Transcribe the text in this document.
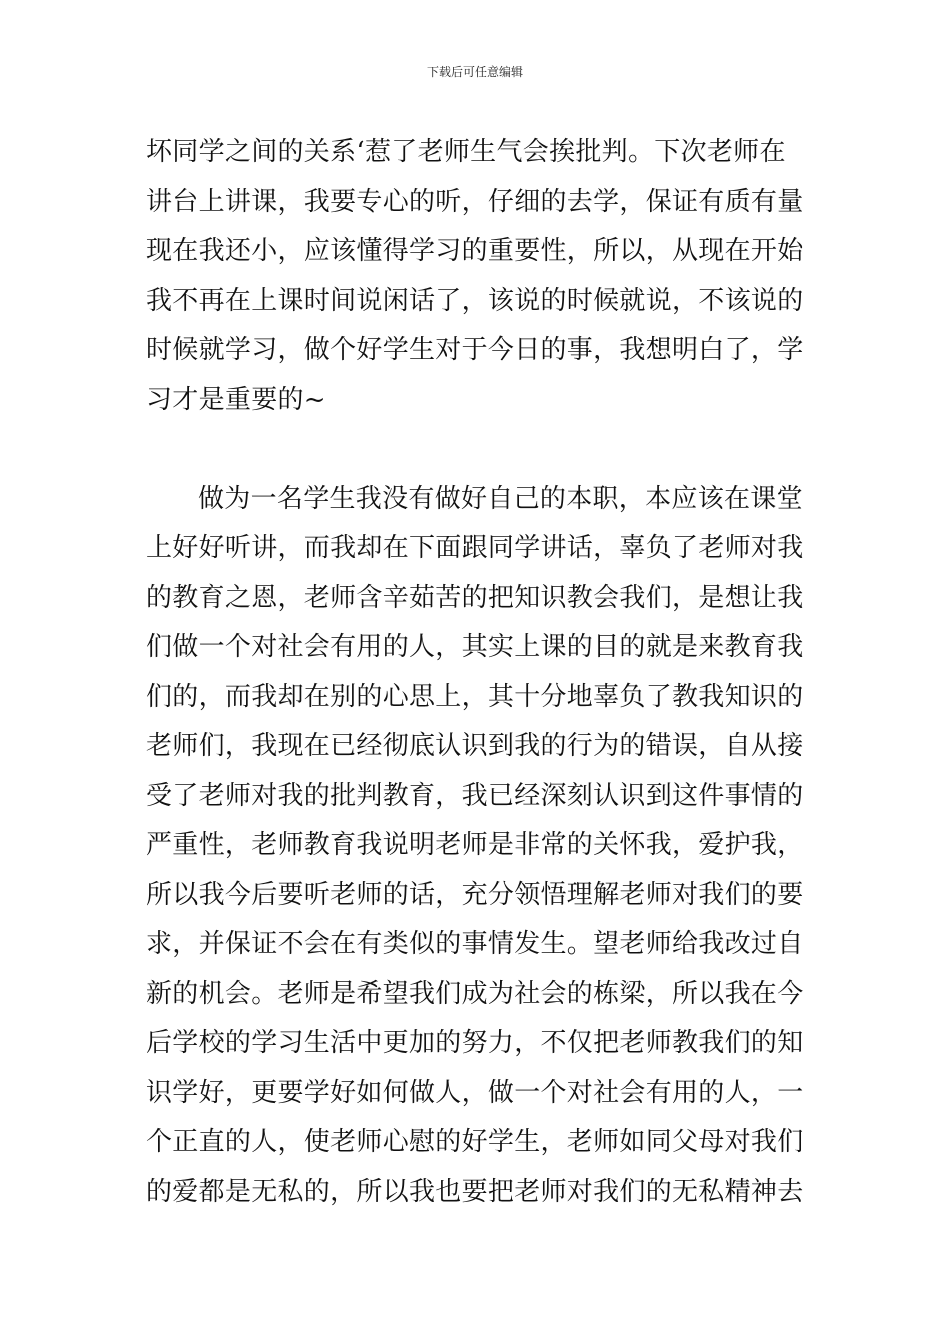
下载后可任意编辑
坏同学之间的关系‘惹了老师生气会挨批判。下次老师在
讲台上讲课，我要专心的听，仔细的去学，保证有质有量
现在我还小，应该懂得学习的重要性，所以，从现在开始
我不再在上课时间说闲话了，该说的时候就说，不该说的
时候就学习，做个好学生对于今日的事，我想明白了，学
习才是重要的~
做为一名学生我没有做好自己的本职，本应该在课堂
上好好听讲，而我却在下面跟同学讲话，辜负了老师对我
的教育之恩，老师含辛茹苦的把知识教会我们，是想让我
们做一个对社会有用的人，其实上课的目的就是来教育我
们的，而我却在别的心思上，其十分地辜负了教我知识的
老师们，我现在已经彻底认识到我的行为的错误，自从接
受了老师对我的批判教育，我已经深刻认识到这件事情的
严重性，老师教育我说明老师是非常的关怀我，爱护我，
所以我今后要听老师的话，充分领悟理解老师对我们的要
求，并保证不会在有类似的事情发生。望老师给我改过自
新的机会。老师是希望我们成为社会的栋梁，所以我在今
后学校的学习生活中更加的努力，不仅把老师教我们的知
识学好，更要学好如何做人，做一个对社会有用的人，一
个正直的人，使老师心慰的好学生，老师如同父母对我们
的爱都是无私的，所以我也要把老师对我们的无私精神去
